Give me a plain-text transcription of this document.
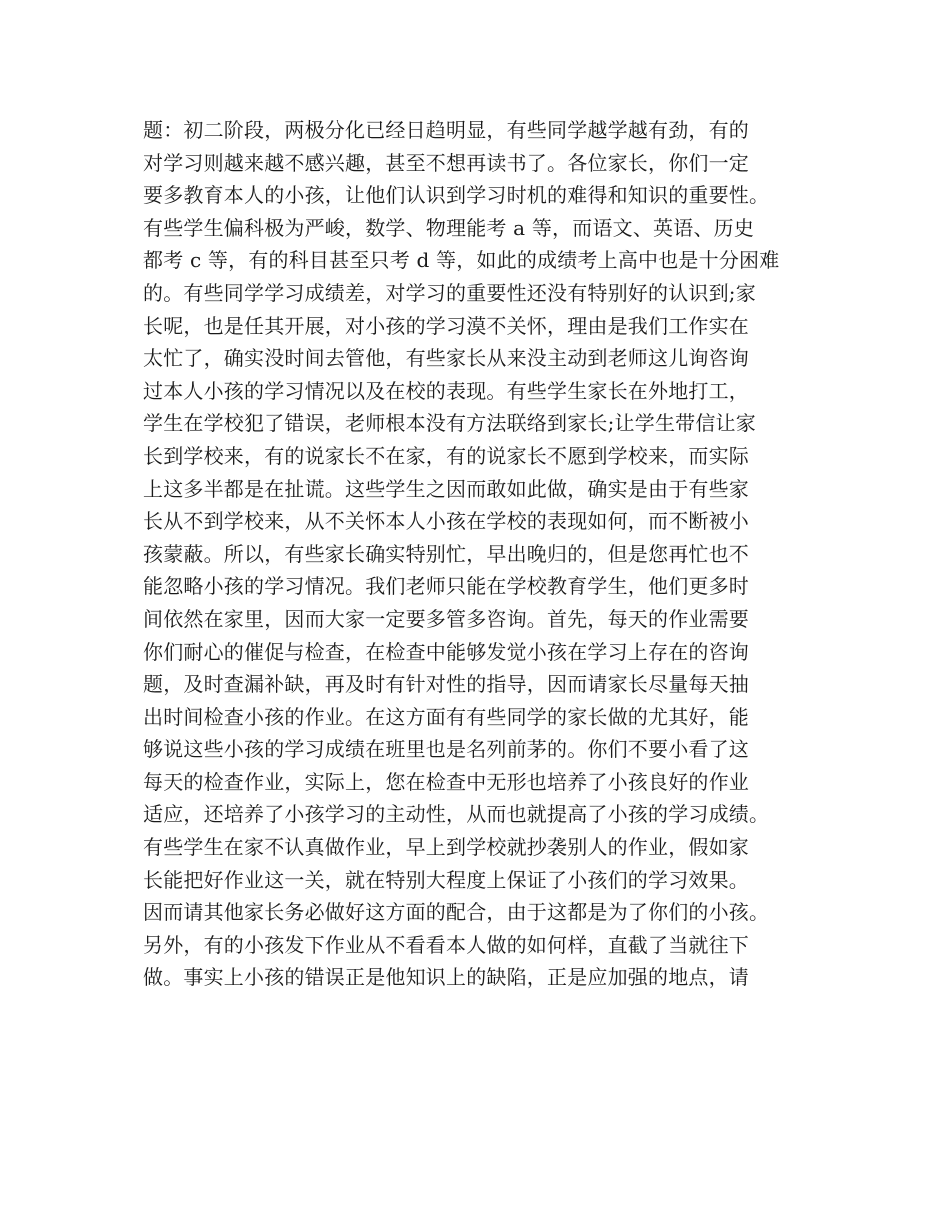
题：初二阶段，两极分化已经日趋明显，有些同学越学越有劲，有的
对学习则越来越不感兴趣，甚至不想再读书了。各位家长，你们一定
要多教育本人的小孩，让他们认识到学习时机的难得和知识的重要性。
有些学生偏科极为严峻，数学、物理能考 a 等，而语文、英语、历史
都考 c 等，有的科目甚至只考 d 等，如此的成绩考上高中也是十分困难
的。有些同学学习成绩差，对学习的重要性还没有特别好的认识到;家
长呢，也是任其开展，对小孩的学习漠不关怀，理由是我们工作实在
太忙了，确实没时间去管他，有些家长从来没主动到老师这儿询咨询
过本人小孩的学习情况以及在校的表现。有些学生家长在外地打工，
学生在学校犯了错误，老师根本没有方法联络到家长;让学生带信让家
长到学校来，有的说家长不在家，有的说家长不愿到学校来，而实际
上这多半都是在扯谎。这些学生之因而敢如此做，确实是由于有些家
长从不到学校来，从不关怀本人小孩在学校的表现如何，而不断被小
孩蒙蔽。所以，有些家长确实特别忙，早出晚归的，但是您再忙也不
能忽略小孩的学习情况。我们老师只能在学校教育学生，他们更多时
间依然在家里，因而大家一定要多管多咨询。首先，每天的作业需要
你们耐心的催促与检查，在检查中能够发觉小孩在学习上存在的咨询
题，及时查漏补缺，再及时有针对性的指导，因而请家长尽量每天抽
出时间检查小孩的作业。在这方面有有些同学的家长做的尤其好，能
够说这些小孩的学习成绩在班里也是名列前茅的。你们不要小看了这
每天的检查作业，实际上，您在检查中无形也培养了小孩良好的作业
适应，还培养了小孩学习的主动性，从而也就提高了小孩的学习成绩。
有些学生在家不认真做作业，早上到学校就抄袭别人的作业，假如家
长能把好作业这一关，就在特别大程度上保证了小孩们的学习效果。
因而请其他家长务必做好这方面的配合，由于这都是为了你们的小孩。
另外，有的小孩发下作业从不看看本人做的如何样，直截了当就往下
做。事实上小孩的错误正是他知识上的缺陷，正是应加强的地点，请
